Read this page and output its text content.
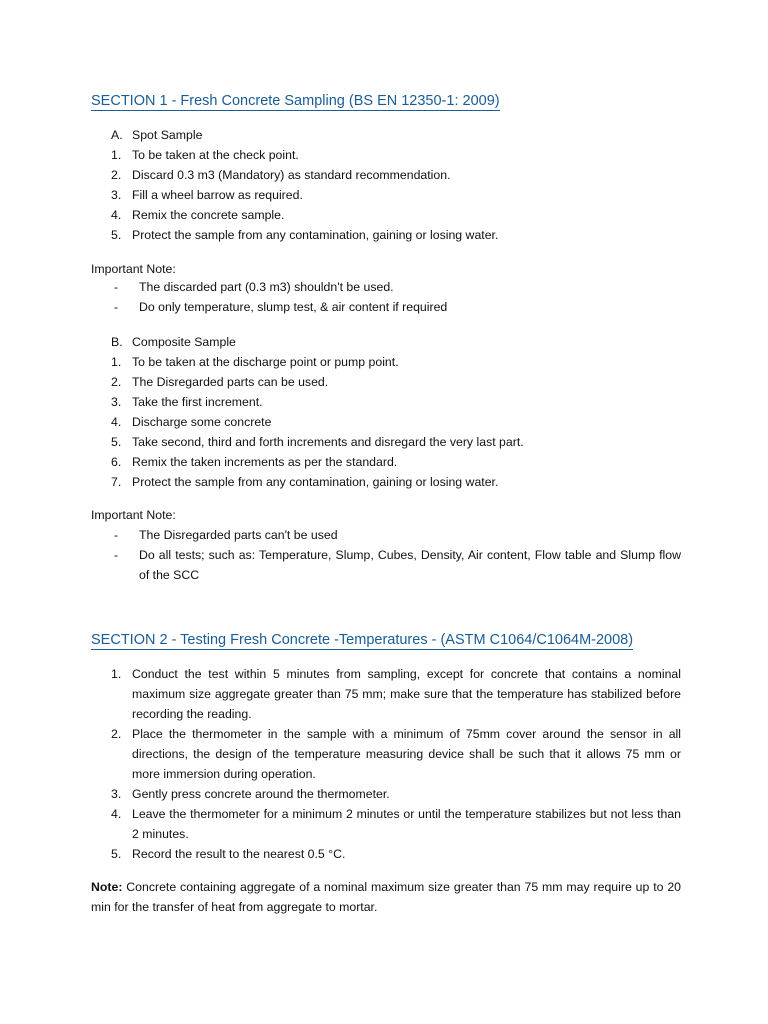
SECTION 1 - Fresh Concrete Sampling (BS EN 12350-1: 2009)
A. Spot Sample
1. To be taken at the check point.
2. Discard 0.3 m3 (Mandatory) as standard recommendation.
3. Fill a wheel barrow as required.
4. Remix the concrete sample.
5. Protect the sample from any contamination, gaining or losing water.
Important Note:
-	The discarded part (0.3 m3) shouldn't be used.
-	Do only temperature, slump test, & air content if required
B. Composite Sample
1. To be taken at the discharge point or pump point.
2. The Disregarded parts can be used.
3. Take the first increment.
4. Discharge some concrete
5. Take second, third and forth increments and disregard the very last part.
6. Remix the taken increments as per the standard.
7. Protect the sample from any contamination, gaining or losing water.
Important Note:
-	The Disregarded parts can't be used
-	Do all tests; such as: Temperature, Slump, Cubes, Density, Air content, Flow table and Slump flow of the SCC
SECTION 2 - Testing Fresh Concrete -Temperatures - (ASTM C1064/C1064M-2008)
1. Conduct the test within 5 minutes from sampling, except for concrete that contains a nominal maximum size aggregate greater than 75 mm; make sure that the temperature has stabilized before recording the reading.
2. Place the thermometer in the sample with a minimum of 75mm cover around the sensor in all directions, the design of the temperature measuring device shall be such that it allows 75 mm or more immersion during operation.
3. Gently press concrete around the thermometer.
4. Leave the thermometer for a minimum 2 minutes or until the temperature stabilizes but not less than 2 minutes.
5. Record the result to the nearest 0.5 °C.
Note: Concrete containing aggregate of a nominal maximum size greater than 75 mm may require up to 20 min for the transfer of heat from aggregate to mortar.
